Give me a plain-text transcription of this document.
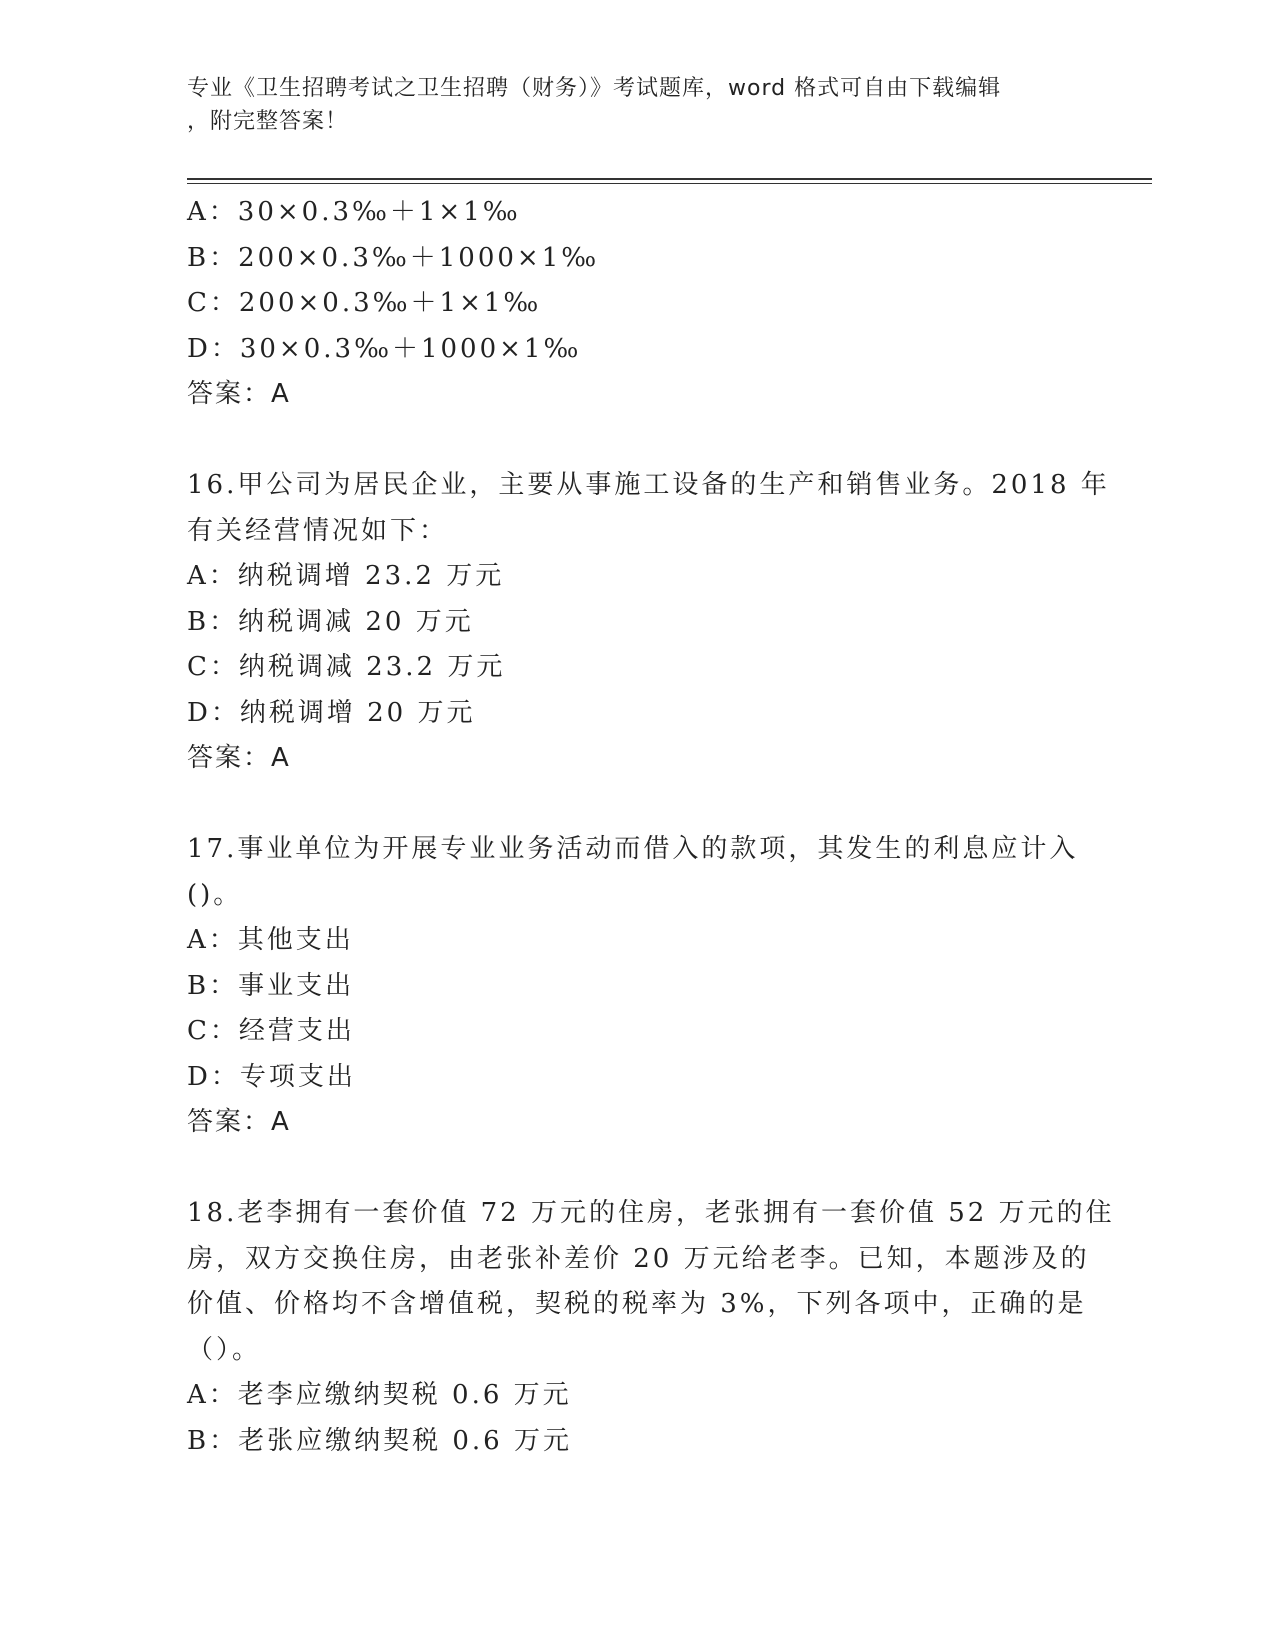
专业《卫生招聘考试之卫生招聘（财务）》考试题库，word 格式可自由下载编辑

，附完整答案！

A：30×0.3‰＋1×1‰
B：200×0.3‰＋1000×1‰
C：200×0.3‰＋1×1‰
D：30×0.3‰＋1000×1‰
答案：A
16.甲公司为居民企业，主要从事施工设备的生产和销售业务。2018 年
有关经营情况如下：
A：纳税调增 23.2 万元
B：纳税调减 20 万元
C：纳税调减 23.2 万元
D：纳税调增 20 万元
答案：A
17.事业单位为开展专业业务活动而借入的款项，其发生的利息应计入
()。
A：其他支出
B：事业支出
C：经营支出
D：专项支出
答案：A
18.老李拥有一套价值 72 万元的住房，老张拥有一套价值 52 万元的住
房，双方交换住房，由老张补差价 20 万元给老李。已知，本题涉及的
价值、价格均不含增值税，契税的税率为 3%，下列各项中，正确的是
（）。
A：老李应缴纳契税 0.6 万元
B：老张应缴纳契税 0.6 万元
